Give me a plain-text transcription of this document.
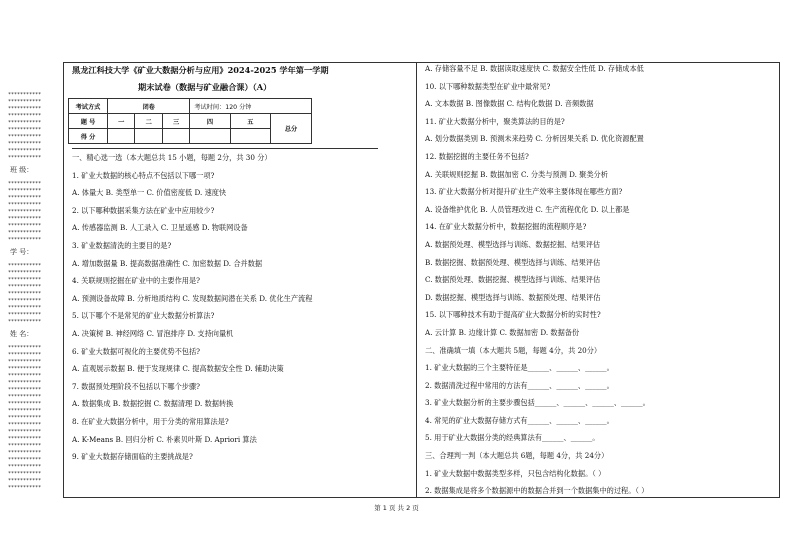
***********
***********
***********
***********
***********
***********
***********
***********
***********
***********
班 级：
***********
***********
***********
***********
***********
***********
***********
***********
***********
学 号：
***********
***********
***********
***********
***********
***********
***********
***********
***********
姓 名：
***********
***********
***********
***********
***********
***********
***********
***********
***********
***********
***********
***********
***********
***********
***********
***********
***********
***********
***********
***********
***********
黑龙江科技大学《矿业大数据分析与应用》2024-2025 学年第一学期
期末试卷（数据与矿业融合课）（A）
考试方式	闭卷			考试时间：120 分钟		
题 号	一	二	三	四	五	总分
得 分						
一、精心选一选（本大题总共 15 小题，每题 2分，共 30 分）
1. 矿业大数据的核心特点不包括以下哪一项?
A. 体量大 B. 类型单一 C. 价值密度低 D. 速度快
2. 以下哪种数据采集方法在矿业中应用较少?
A. 传感器监测 B. 人工录入 C. 卫星遥感 D. 物联网设备
3. 矿业数据清洗的主要目的是?
A. 增加数据量 B. 提高数据准确性 C. 加密数据 D. 合并数据
4. 关联规则挖掘在矿业中的主要作用是?
A. 预测设备故障 B. 分析地质结构 C. 发现数据间潜在关系 D. 优化生产流程
5. 以下哪个不是常见的矿业大数据分析算法?
A. 决策树 B. 神经网络 C. 冒泡排序 D. 支持向量机
6. 矿业大数据可视化的主要优势不包括?
A. 直观展示数据 B. 便于发现规律 C. 提高数据安全性 D. 辅助决策
7. 数据预处理阶段不包括以下哪个步骤?
A. 数据集成 B. 数据挖掘 C. 数据清理 D. 数据转换
8. 在矿业大数据分析中，用于分类的常用算法是?
A. K-Means B. 回归分析 C. 朴素贝叶斯 D. Apriori 算法
9. 矿业大数据存储面临的主要挑战是?
A. 存储容量不足 B. 数据读取速度快 C. 数据安全性低 D. 存储成本低
10. 以下哪种数据类型在矿业中最常见?
A. 文本数据 B. 图像数据 C. 结构化数据 D. 音频数据
11. 矿业大数据分析中，聚类算法的目的是?
A. 划分数据类别 B. 预测未来趋势 C. 分析因果关系 D. 优化资源配置
12. 数据挖掘的主要任务不包括?
A. 关联规则挖掘 B. 数据加密 C. 分类与预测 D. 聚类分析
13. 矿业大数据分析对提升矿业生产效率主要体现在哪些方面?
A. 设备维护优化 B. 人员管理改进 C. 生产流程优化 D. 以上都是
14. 在矿业大数据分析中，数据挖掘的流程顺序是?
A. 数据预处理、模型选择与训练、数据挖掘、结果评估
B. 数据挖掘、数据预处理、模型选择与训练、结果评估
C. 数据预处理、数据挖掘、模型选择与训练、结果评估
D. 数据挖掘、模型选择与训练、数据预处理、结果评估
15. 以下哪种技术有助于提高矿业大数据分析的实时性?
A. 云计算 B. 边缘计算 C. 数据加密 D. 数据备份
二、准确填一填（本大题共 5题，每题 4分，共 20分）
1. 矿业大数据的三个主要特征是______、______、______。
2. 数据清洗过程中常用的方法有______、______、______。
3. 矿业大数据分析的主要步骤包括______、______、______、______。
4. 常见的矿业大数据存储方式有______、______、______。
5. 用于矿业大数据分类的经典算法有______、______。
三、合理判一判（本大题总共 6题，每题 4分，共 24分）
1. 矿业大数据中数据类型多样，只包含结构化数据。（ ）
2. 数据集成是将多个数据源中的数据合并到一个数据集中的过程。（ ）
第 1 页 共 2 页
